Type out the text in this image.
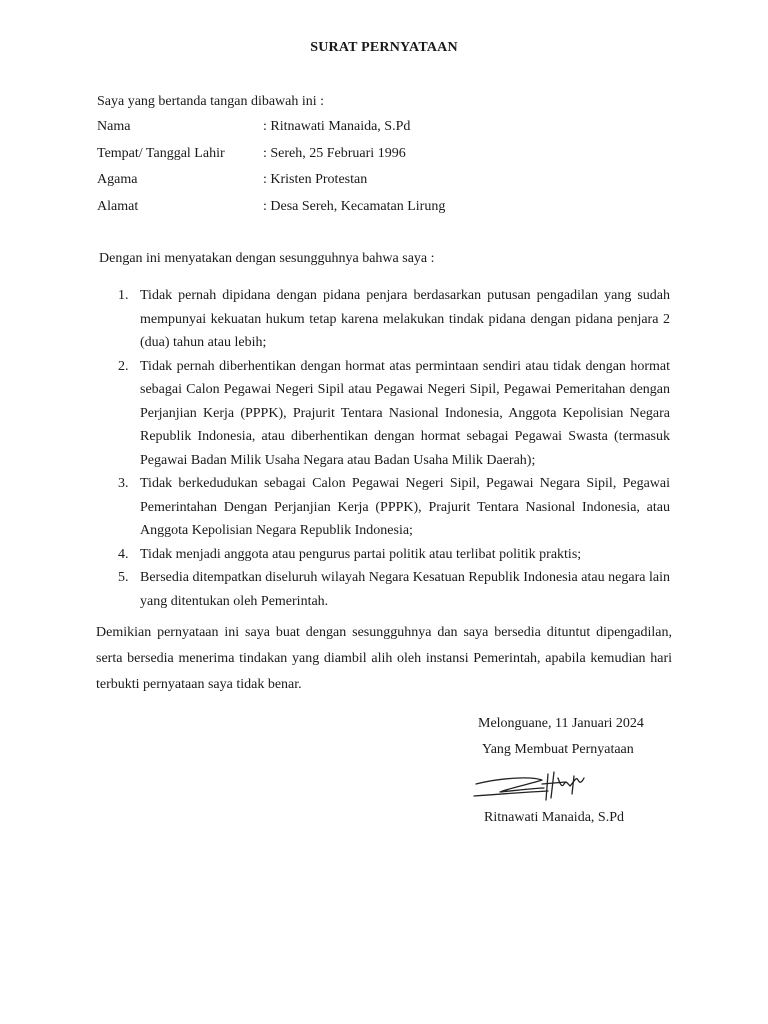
SURAT PERNYATAAN
Saya yang bertanda tangan dibawah ini :
Nama	: Ritnawati Manaida, S.Pd
Tempat/ Tanggal Lahir	: Sereh, 25 Februari 1996
Agama	: Kristen Protestan
Alamat	: Desa Sereh, Kecamatan Lirung
Dengan ini menyatakan dengan sesungguhnya bahwa saya :
1. Tidak pernah dipidana dengan pidana penjara berdasarkan putusan pengadilan yang sudah mempunyai kekuatan hukum tetap karena melakukan tindak pidana dengan pidana penjara 2 (dua) tahun atau lebih;
2. Tidak pernah diberhentikan dengan hormat atas permintaan sendiri atau tidak dengan hormat sebagai Calon Pegawai Negeri Sipil atau Pegawai Negeri Sipil, Pegawai Pemeritahan dengan Perjanjian Kerja (PPPK), Prajurit Tentara Nasional Indonesia, Anggota Kepolisian Negara Republik Indonesia, atau diberhentikan dengan hormat sebagai Pegawai Swasta (termasuk Pegawai Badan Milik Usaha Negara atau Badan Usaha Milik Daerah);
3. Tidak berkedudukan sebagai Calon Pegawai Negeri Sipil, Pegawai Negara Sipil, Pegawai Pemerintahan Dengan Perjanjian Kerja (PPPK), Prajurit Tentara Nasional Indonesia, atau Anggota Kepolisian Negara Republik Indonesia;
4. Tidak menjadi anggota atau pengurus partai politik atau terlibat politik praktis;
5. Bersedia ditempatkan diseluruh wilayah Negara Kesatuan Republik Indonesia atau negara lain yang ditentukan oleh Pemerintah.
Demikian pernyataan ini saya buat dengan sesungguhnya dan saya bersedia dituntut dipengadilan, serta bersedia menerima tindakan yang diambil alih oleh instansi Pemerintah, apabila kemudian hari terbukti pernyataan saya tidak benar.
Melonguane, 11 Januari 2024
Yang Membuat Pernyataan
Ritnawati Manaida, S.Pd
